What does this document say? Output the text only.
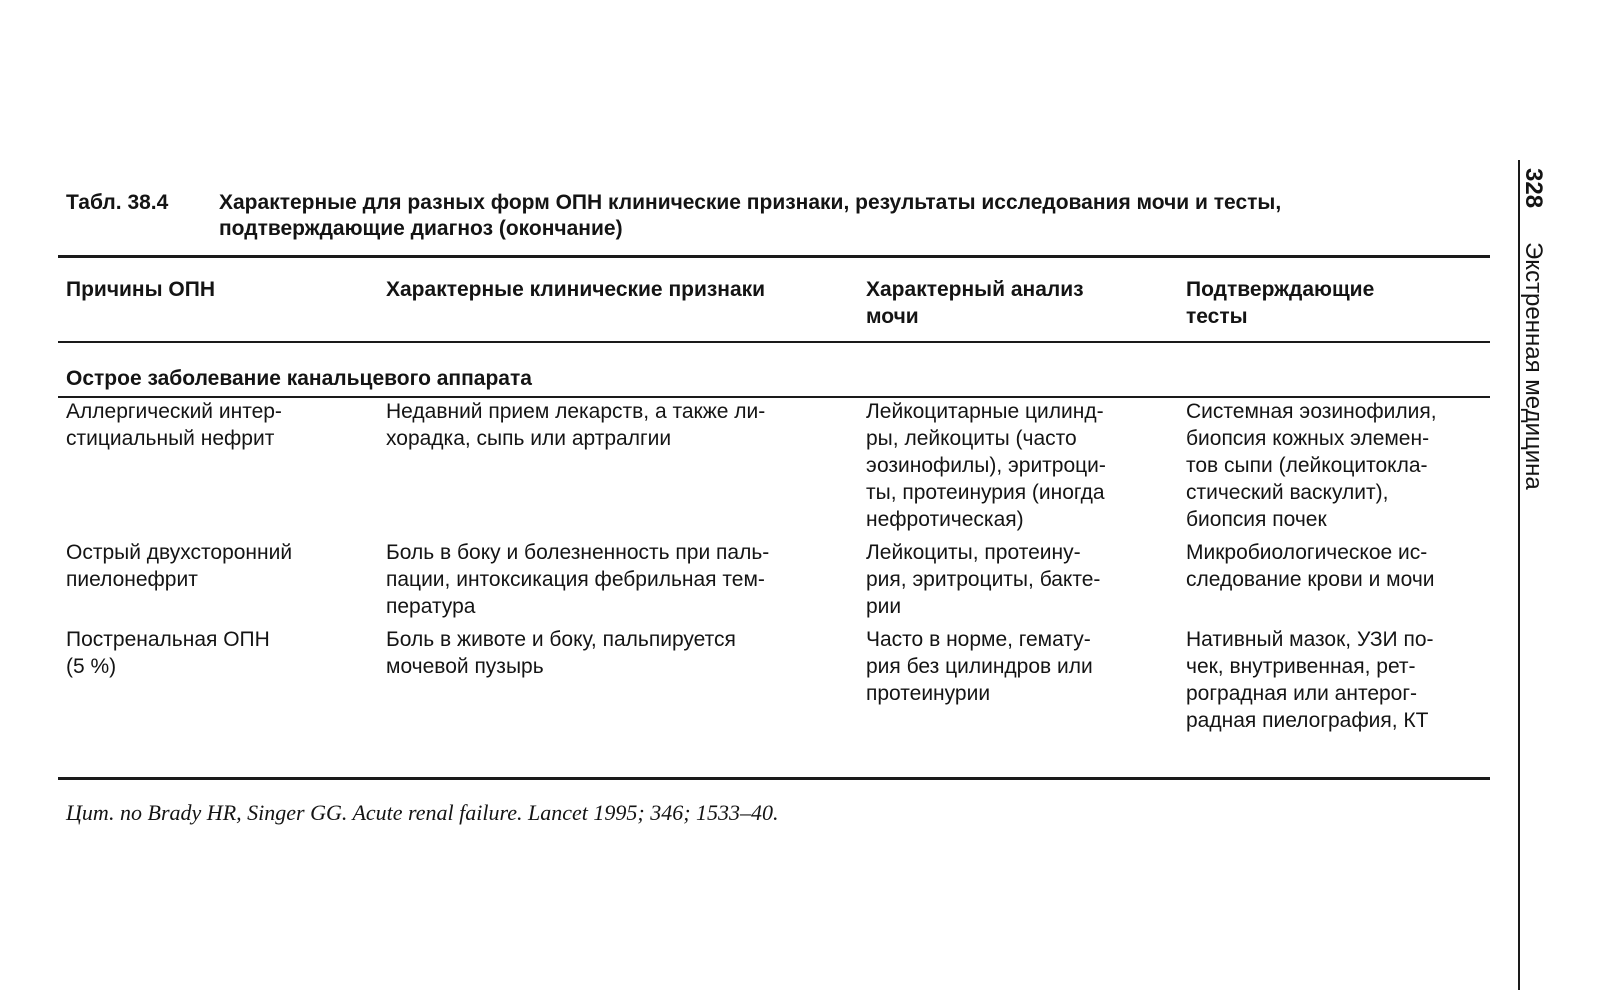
Табл. 38.4 Характерные для разных форм ОПН клинические признаки, результаты исследования мочи и тесты, подтверждающие диагноз (окончание)
Причины ОПН	Характерные клинические признаки	Характерный анализ мочи
Подтверждающие тесты
Острое заболевание канальцевого аппарата
Аллергический интер-
стициальный нефрит
Недавний прием лекарств, а также ли-
хорадка, сыпь или артралгии
Лейкоцитарные цилинд-
ры, лейкоциты (часто
эозинофилы), эритроци-
ты, протеинурия (иногда
нефротическая)
Системная эозинофилия,
биопсия кожных элемен-
тов сыпи (лейкоцитокла-
стический васкулит),
биопсия почек
Острый двухсторонний
пиелонефрит
Боль в боку и болезненность при паль-
пации, интоксикация фебрильная тем-
пература
Лейкоциты, протеину-
рия, эритроциты, бакте-
рии
Микробиологическое ис-
следование крови и мочи
Постренальная ОПН
(5 %)
Боль в животе и боку, пальпируется
мочевой пузырь
Часто в норме, гемату-
рия без цилиндров или
протеинурии
Нативный мазок, УЗИ по-
чек, внутривенная, рет-
роградная или антерог-
радная пиелография, КТ
Цит. по Brady HR, Singer GG. Acute renal failure. Lancet 1995; 346; 1533–40.
328Экстренная медицина
